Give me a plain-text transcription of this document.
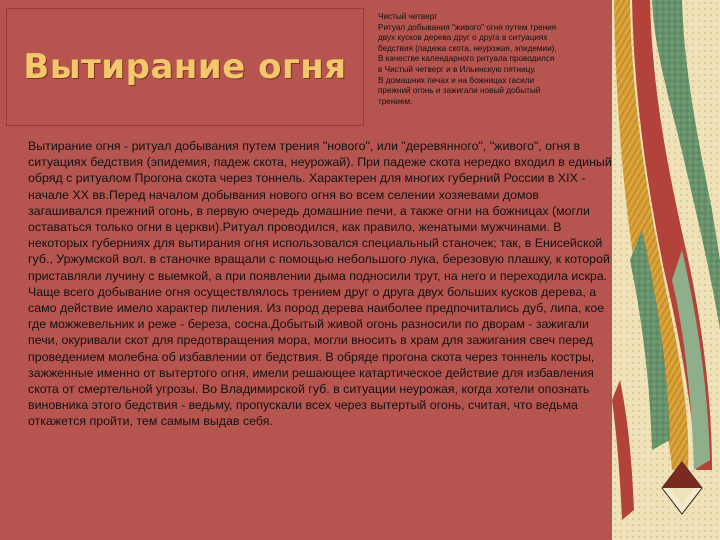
Вытирание огня
Чистый четверг
Ритуал добывания "живого" огня путем трения
двух кусков дерева друг о друга в ситуациях
бедствия (падежа скота, неурожая, эпидемии).
В качестве календарного ритуала проводился
в Чистый четверг и в Ильинскую пятницу.
В домашних печах и на божницах гасили
прежний огонь и зажигали новый добытый
трением.
Вытирание огня - ритуал добывания путем трения "нового", или "деревянного", "живого", огня в ситуациях бедствия (эпидемия, падеж скота, неурожай). При падеже скота нередко входил в единый обряд с ритуалом Прогона скота через тоннель. Характерен для многих губерний России в XIX - начале XX вв.Перед началом добывания нового огня во всем селении хозяевами домов загашивался прежний огонь, в первую очередь домашние печи, а также огни на божницах (могли оставаться только огни в церкви).Ритуал проводился, как правило, женатыми мужчинами. В некоторых губерниях для вытирания огня использовался специальный станочек; так, в Енисейской губ., Уржумской вол. в станочке вращали с помощью небольшого лука, березовую плашку, к которой приставляли лучину с выемкой, а при появлении дыма подносили трут, на него и переходила искра. Чаще всего добывание огня осуществлялось трением друг о друга двух больших кусков дерева, а само действие имело характер пиления. Из пород дерева наиболее предпочитались дуб, липа, кое где можжевельник и реже - береза, сосна.Добытый живой огонь разносили по дворам - зажигали печи, окуривали скот для предотвращения мора, могли вносить в храм для зажигания свеч перед проведением молебна об избавлении от бедствия. В обряде прогона скота через тоннель костры, зажженные именно от вытертого огня, имели решающее катартическое действие для избавления скота от смертельной угрозы. Во Владимирской губ. в ситуации неурожая, когда хотели опознать виновника этого бедствия - ведьму, пропускали всех через вытертый огонь, считая, что ведьма откажется пройти, тем самым выдав себя.
